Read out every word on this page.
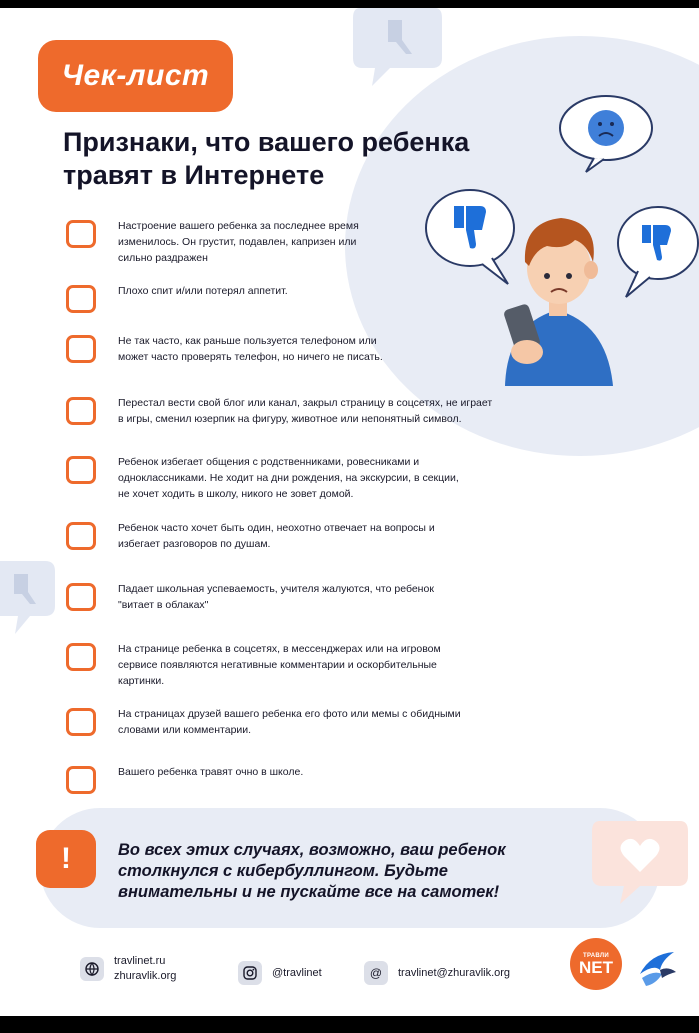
Чек-лист
Признаки, что вашего ребенка
травят в Интернете
Настроение вашего ребенка за последнее время
изменилось. Он грустит, подавлен, капризен или
сильно раздражен
Плохо спит и/или потерял аппетит.
Не так часто, как раньше пользуется телефоном или
может часто проверять телефон, но ничего не писать.
Перестал вести свой блог или канал, закрыл страницу в соцсетях, не играет
в игры, сменил юзерпик на фигуру, животное или непонятный символ.
Ребенок избегает общения с родственниками, ровесниками и
одноклассниками. Не ходит на дни рождения, на экскурсии, в секции,
не хочет ходить в школу, никого не зовет домой.
Ребенок часто хочет быть один, неохотно отвечает на вопросы и
избегает разговоров по душам.
Падает школьная успеваемость, учителя жалуются, что ребенок
"витает в облаках"
На странице ребенка в соцсетях, в мессенджерах или на игровом
сервисе появляются негативные комментарии и оскорбительные
картинки.
На страницах друзей вашего ребенка его фото или мемы с обидными
словами или комментарии.
Вашего ребенка травят очно в школе.
!	Во всех этих случаях, возможно, ваш ребенок
столкнулся с кибербуллингом. Будьте
внимательны и не пускайте все на самотек!
travlinet.ru
zhuravlik.org	@travlinet	@	travlinet@zhuravlik.org
ТРАВЛИ
NET
